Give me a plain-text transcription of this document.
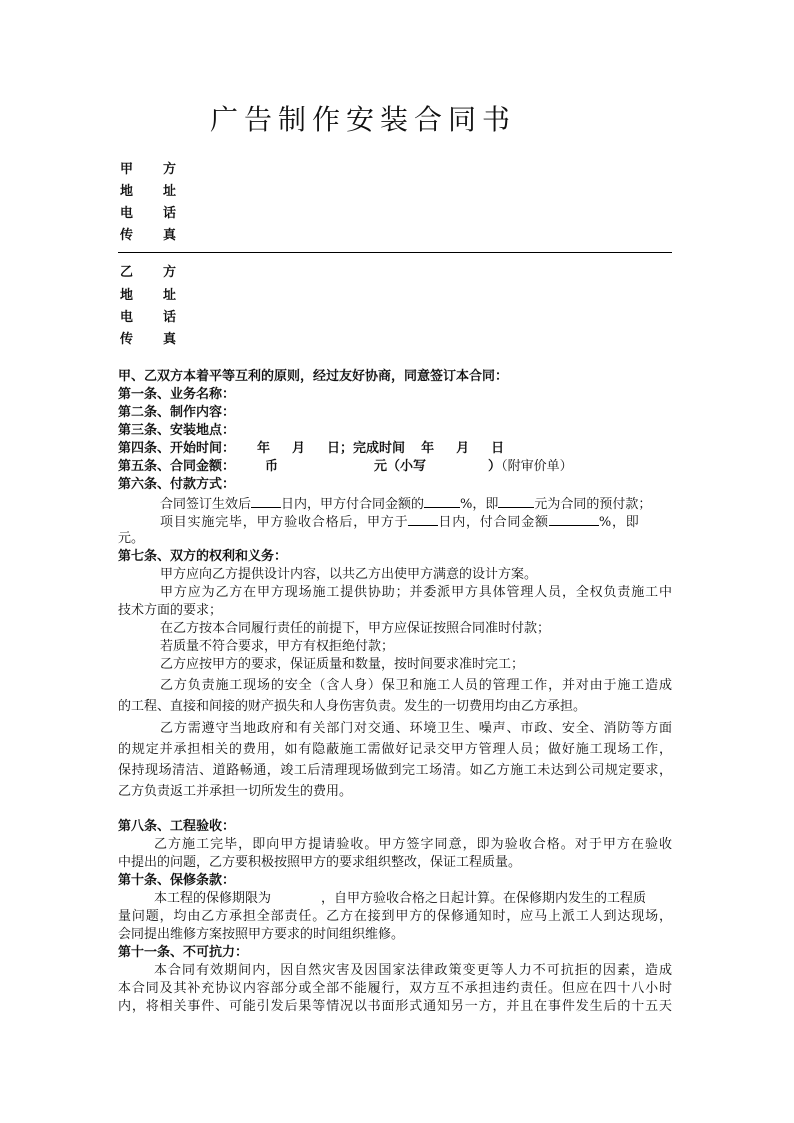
广告制作安装合同书
甲 方
地 址
电 话
传 真
乙 方
地 址
电 话
传 真
甲、乙双方本着平等互利的原则，经过友好协商，同意签订本合同：
第一条、业务名称：
第二条、制作内容：
第三条、安装地点：
第四条、开始时间： 年 月 日；完成时间 年 月 日
第五条、合同金额： 币	元（小写	）（附审价单）
第六条、付款方式：
合同签订生效后 日内，甲方付合同金额的	%，即	元为合同的预付款；
项目实施完毕，甲方验收合格后，甲方于 日内，付合同金额	%，即
元。
第七条、双方的权利和义务：
甲方应向乙方提供设计内容，以共乙方出使甲方满意的设计方案。
甲方应为乙方在甲方现场施工提供协助；并委派甲方具体管理人员，全权负责施工中
技术方面的要求；
在乙方按本合同履行责任的前提下，甲方应保证按照合同准时付款；
若质量不符合要求，甲方有权拒绝付款；
乙方应按甲方的要求，保证质量和数量，按时间要求准时完工；
乙方负责施工现场的安全（含人身）保卫和施工人员的管理工作，并对由于施工造成
的工程、直接和间接的财产损失和人身伤害负责。发生的一切费用均由乙方承担。
乙方需遵守当地政府和有关部门对交通、环境卫生、噪声、市政、安全、消防等方面
的规定并承担相关的费用，如有隐蔽施工需做好记录交甲方管理人员；做好施工现场工作，
保持现场清洁、道路畅通，竣工后清理现场做到完工场清。如乙方施工未达到公司规定要求，
乙方负责返工并承担一切所发生的费用。
第八条、工程验收：
乙方施工完毕，即向甲方提请验收。甲方签字同意，即为验收合格。对于甲方在验收
中提出的问题，乙方要积极按照甲方的要求组织整改，保证工程质量。
第十条、保修条款：
本工程的保修期限为	，自甲方验收合格之日起计算。在保修期内发生的工程质
量问题，均由乙方承担全部责任。乙方在接到甲方的保修通知时，应马上派工人到达现场，
会同提出维修方案按照甲方要求的时间组织维修。
第十一条、不可抗力：
本合同有效期间内，因自然灾害及因国家法律政策变更等人力不可抗拒的因素，造成
本合同及其补充协议内容部分或全部不能履行，双方互不承担违约责任。但应在四十八小时
内，将相关事件、可能引发后果等情况以书面形式通知另一方，并且在事件发生后的十五天
